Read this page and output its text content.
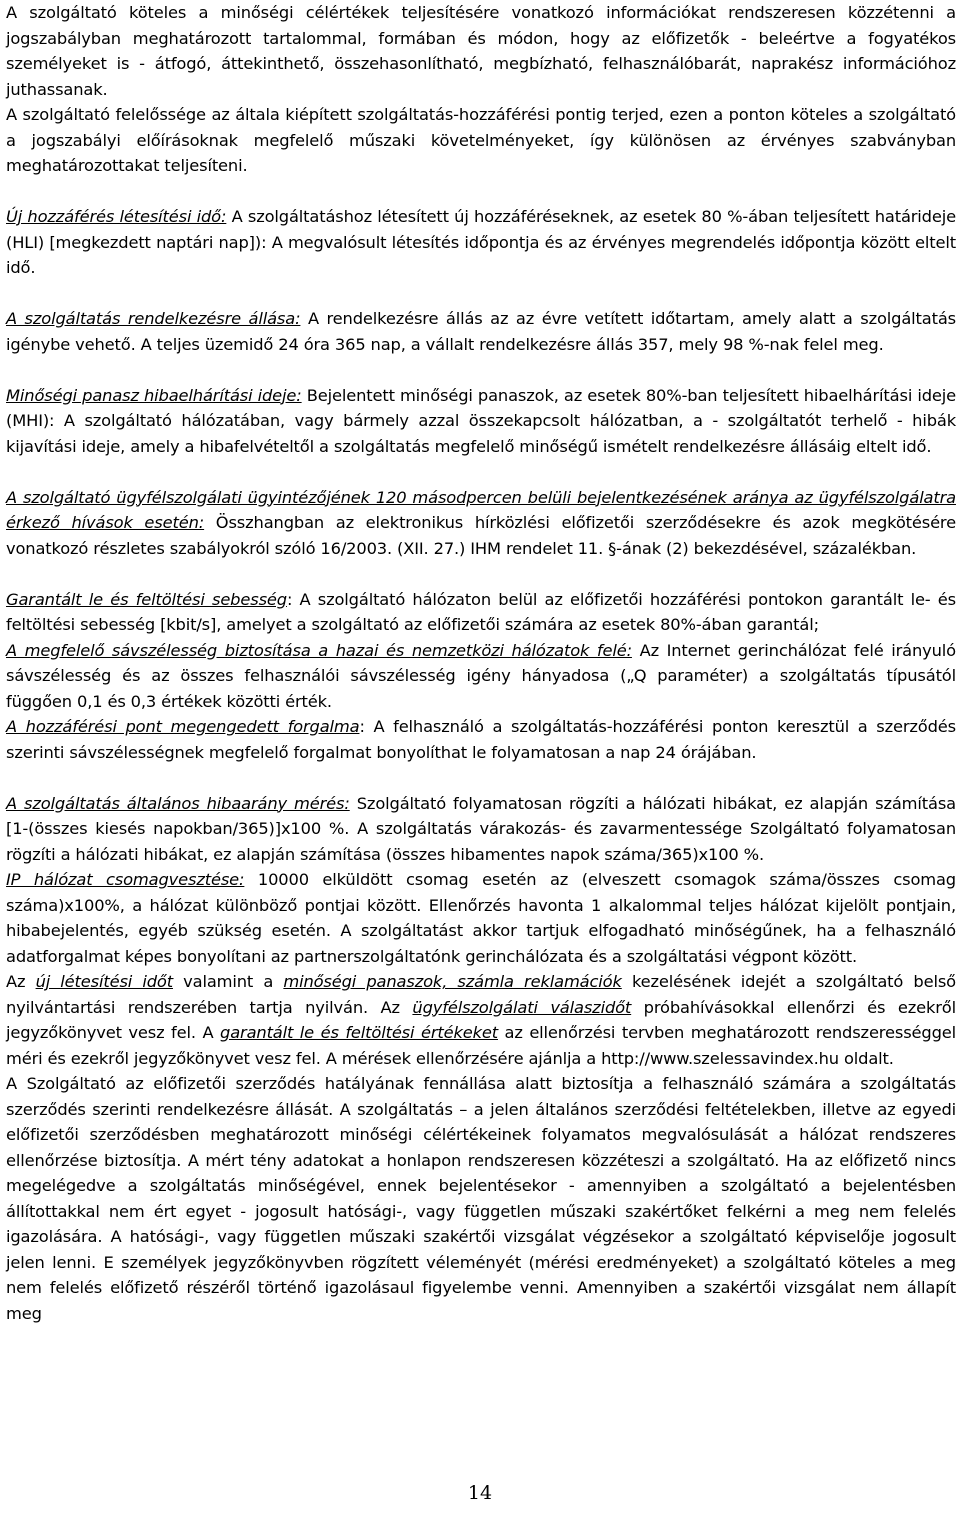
A szolgáltató köteles a minőségi célértékek teljesítésére vonatkozó információkat rendszeresen közzétenni a jogszabályban meghatározott tartalommal, formában és módon, hogy az előfizetők - beleértve a fogyatékos személyeket is - átfogó, áttekinthető, összehasonlítható, megbízható, felhasználóbarát, naprakész információhoz juthassanak.

A szolgáltató felelőssége az általa kiépített szolgáltatás-hozzáférési pontig terjed, ezen a ponton köteles a szolgáltató a jogszabályi előírásoknak megfelelő műszaki követelményeket, így különösen az érvényes szabványban meghatározottakat teljesíteni.

Új hozzáférés létesítési idő: A szolgáltatáshoz létesített új hozzáféréseknek, az esetek 80 %-ában teljesített határideje (HLI) [megkezdett naptári nap]): A megvalósult létesítés időpontja és az érvényes megrendelés időpontja között eltelt idő.

A szolgáltatás rendelkezésre állása: A rendelkezésre állás az az évre vetített időtartam, amely alatt a szolgáltatás igénybe vehető. A teljes üzemidő 24 óra 365 nap, a vállalt rendelkezésre állás 357, mely 98 %-nak felel meg.

Minőségi panasz hibaelhárítási ideje: Bejelentett minőségi panaszok, az esetek 80%-ban teljesített hibaelhárítási ideje (MHI): A szolgáltató hálózatában, vagy bármely azzal összekapcsolt hálózatban, a - szolgáltatót terhelő - hibák kijavítási ideje, amely a hibafelvételtől a szolgáltatás megfelelő minőségű ismételt rendelkezésre állásáig eltelt idő.

A szolgáltató ügyfélszolgálati ügyintézőjének 120 másodpercen belüli bejelentkezésének aránya az ügyfélszolgálatra érkező hívások esetén: Összhangban az elektronikus hírközlési előfizetői szerződésekre és azok megkötésére vonatkozó részletes szabályokról szóló 16/2003. (XII. 27.) IHM rendelet 11. §-ának (2) bekezdésével, százalékban.

Garantált le és feltöltési sebesség: A szolgáltató hálózaton belül az előfizetői hozzáférési pontokon garantált le- és feltöltési sebesség [kbit/s], amelyet a szolgáltató az előfizetői számára az esetek 80%-ában garantál;

A megfelelő sávszélesség biztosítása a hazai és nemzetközi hálózatok felé: Az Internet gerinchálózat felé irányuló sávszélesség és az összes felhasználói sávszélesség igény hányadosa („Q paraméter) a szolgáltatás típusától függően 0,1 és 0,3 értékek közötti érték.

A hozzáférési pont megengedett forgalma: A felhasználó a szolgáltatás-hozzáférési ponton keresztül a szerződés szerinti sávszélességnek megfelelő forgalmat bonyolíthat le folyamatosan a nap 24 órájában.

A szolgáltatás általános hibaarány mérés: Szolgáltató folyamatosan rögzíti a hálózati hibákat, ez alapján számítása [1-(összes kiesés napokban/365)]x100 %. A szolgáltatás várakozás- és zavarmentessége Szolgáltató folyamatosan rögzíti a hálózati hibákat, ez alapján számítása (összes hibamentes napok száma/365)x100 %.

IP hálózat csomagvesztése: 10000 elküldött csomag esetén az (elveszett csomagok száma/összes csomag száma)x100%, a hálózat különböző pontjai között. Ellenőrzés havonta 1 alkalommal teljes hálózat kijelölt pontjain, hibabejelentés, egyéb szükség esetén. A szolgáltatást akkor tartjuk elfogadható minőségűnek, ha a felhasználó adatforgalmat képes bonyolítani az partnerszolgáltatónk gerinchálózata és a szolgáltatási végpont között.

Az új létesítési időt valamint a minőségi panaszok, számla reklamációk kezelésének idejét a szolgáltató belső nyilvántartási rendszerében tartja nyilván. Az ügyfélszolgálati válaszidőt próbahívásokkal ellenőrzi és ezekről jegyzőkönyvet vesz fel. A garantált le és feltöltési értékeket az ellenőrzési tervben meghatározott rendszerességgel méri és ezekről jegyzőkönyvet vesz fel. A mérések ellenőrzésére ajánlja a http://www.szelessavindex.hu oldalt.

A Szolgáltató az előfizetői szerződés hatályának fennállása alatt biztosítja a felhasználó számára a szolgáltatás szerződés szerinti rendelkezésre állását. A szolgáltatás – a jelen általános szerződési feltételekben, illetve az egyedi előfizetői szerződésben meghatározott minőségi célértékeinek folyamatos megvalósulását a hálózat rendszeres ellenőrzése biztosítja. A mért tény adatokat a honlapon rendszeresen közzéteszi a szolgáltató. Ha az előfizető nincs megelégedve a szolgáltatás minőségével, ennek bejelentésekor - amennyiben a szolgáltató a bejelentésben állítottakkal nem ért egyet - jogosult hatósági-, vagy független műszaki szakértőket felkérni a meg nem felelés igazolására. A hatósági-, vagy független műszaki szakértői vizsgálat végzésekor a szolgáltató képviselője jogosult jelen lenni. E személyek jegyzőkönyvben rögzített véleményét (mérési eredményeket) a szolgáltató köteles a meg nem felelés előfizető részéről történő igazolásaul figyelembe venni. Amennyiben a szakértői vizsgálat nem állapít meg

14
